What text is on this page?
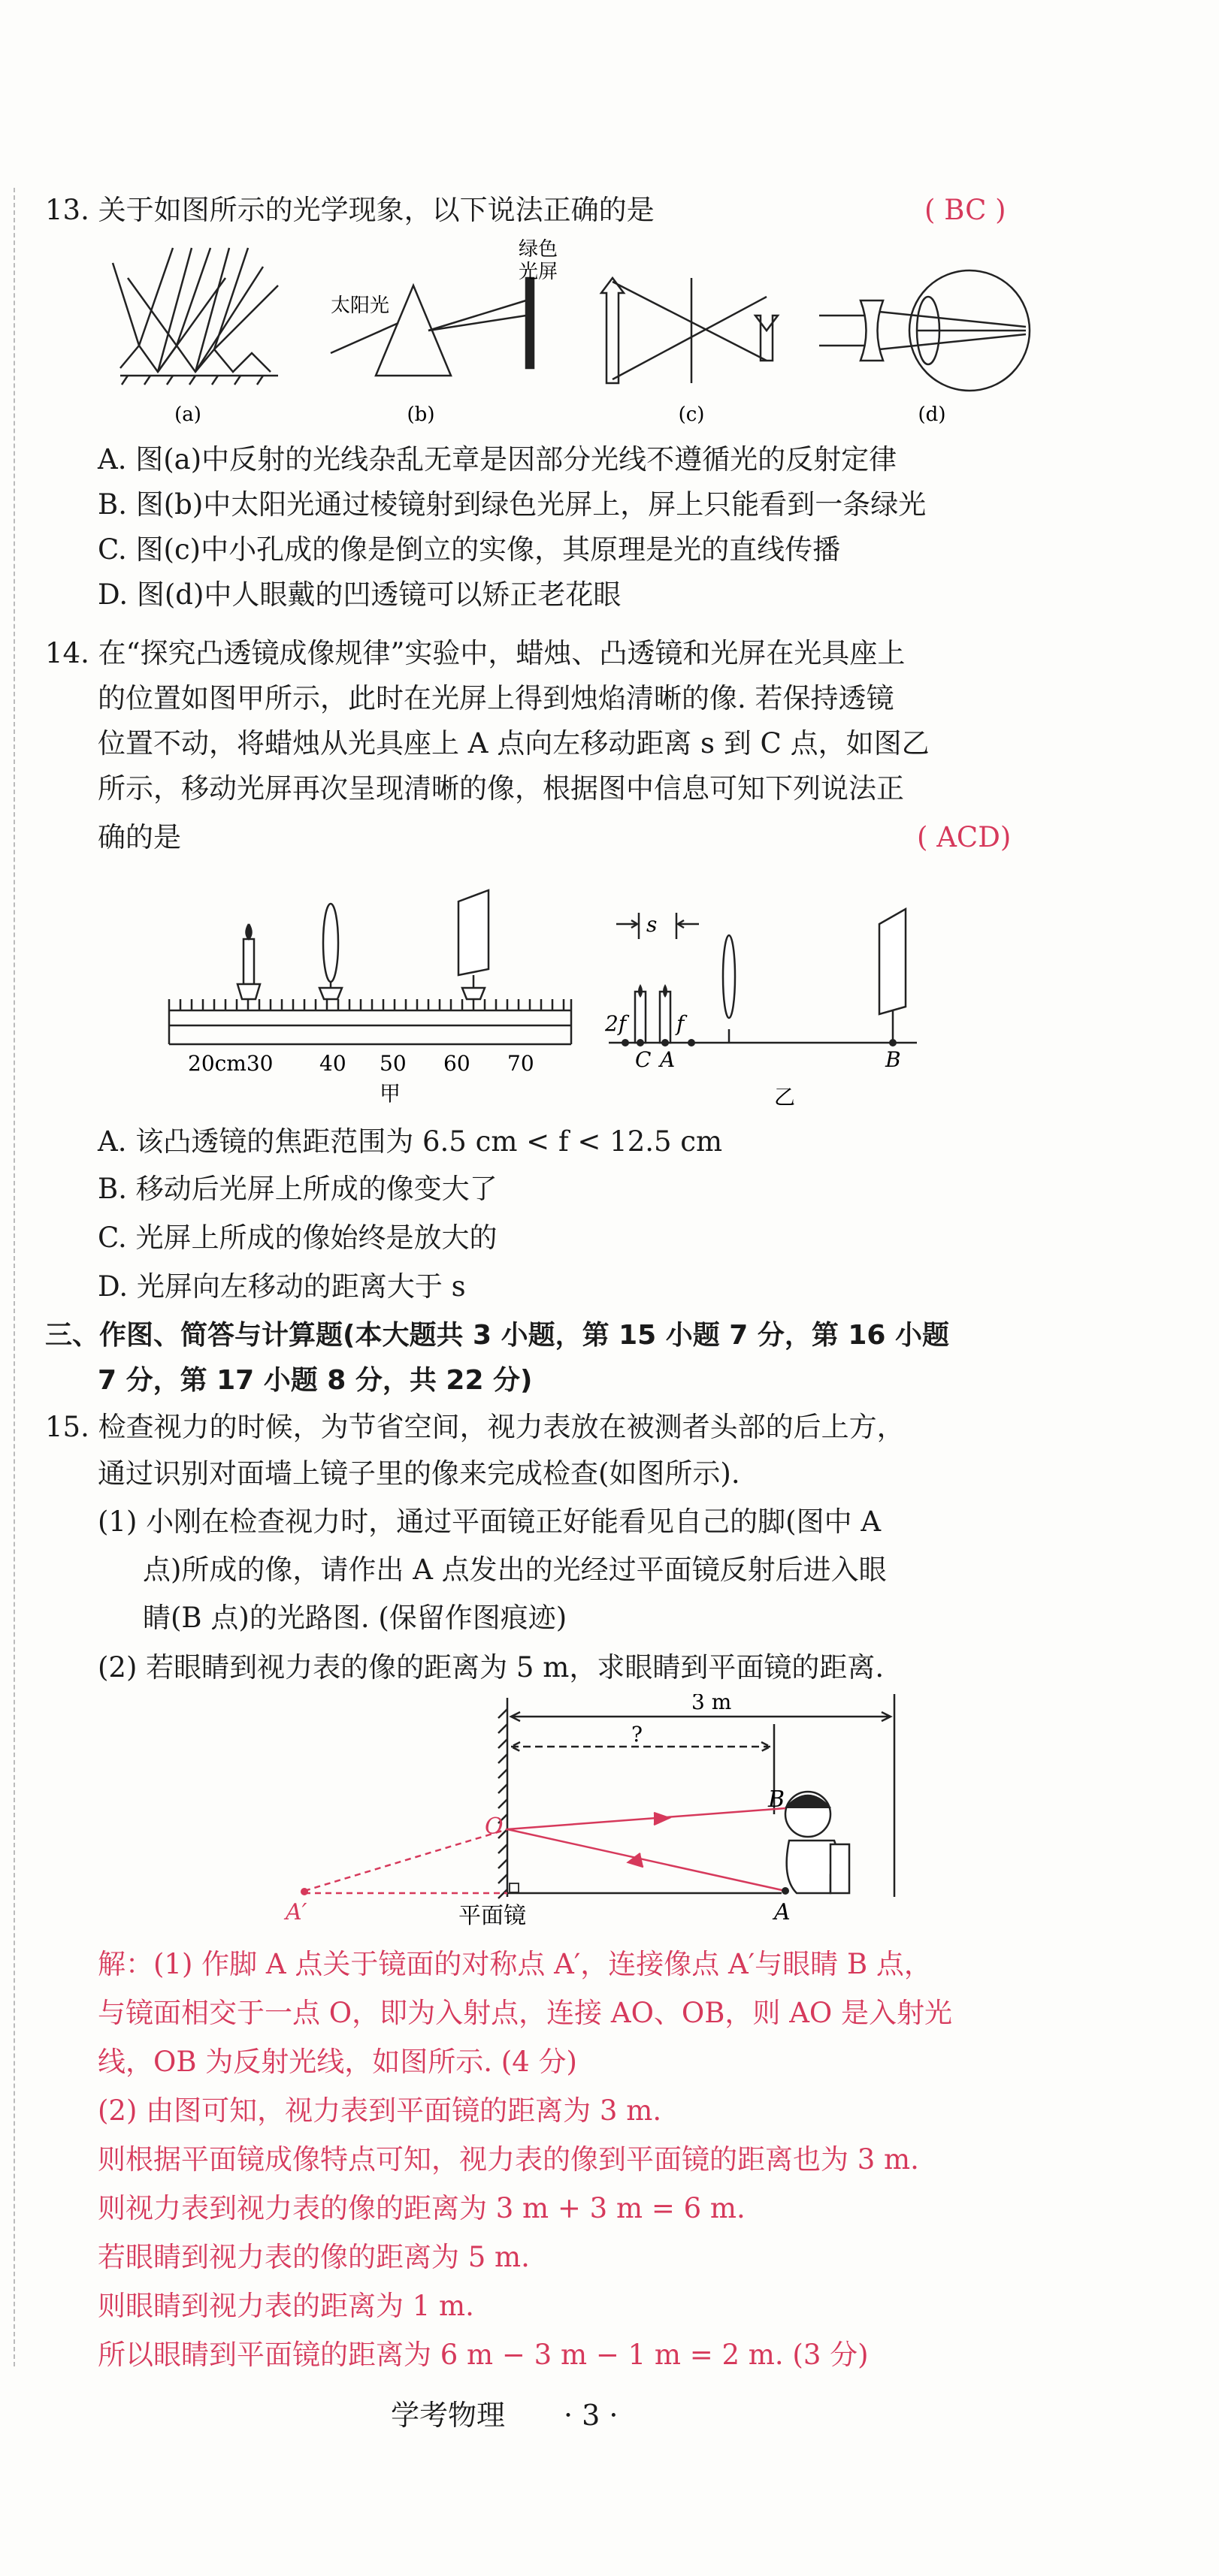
13. 关于如图所示的光学现象，以下说法正确的是	( BC )
(a)
太阳光
绿色
光屏
(b)	(c)	(d)
A. 图(a)中反射的光线杂乱无章是因部分光线不遵循光的反射定律
B. 图(b)中太阳光通过棱镜射到绿色光屏上，屏上只能看到一条绿光
C. 图(c)中小孔成的像是倒立的实像，其原理是光的直线传播
D. 图(d)中人眼戴的凹透镜可以矫正老花眼
14. 在“探究凸透镜成像规律”实验中，蜡烛、凸透镜和光屏在光具座上
的位置如图甲所示，此时在光屏上得到烛焰清晰的像. 若保持透镜
位置不动，将蜡烛从光具座上 A 点向左移动距离 s 到 C 点，如图乙
所示，移动光屏再次呈现清晰的像，根据图中信息可知下列说法正
确的是	( ACD)
20cm30 40 50 60 70
甲
s
2f f
C A	B
乙
A. 该凸透镜的焦距范围为 6.5 cm < f < 12.5 cm
B. 移动后光屏上所成的像变大了
C. 光屏上所成的像始终是放大的
D. 光屏向左移动的距离大于 s
三、作图、简答与计算题(本大题共 3 小题，第 15 小题 7 分，第 16 小题
7 分，第 17 小题 8 分，共 22 分)
15. 检查视力的时候，为节省空间，视力表放在被测者头部的后上方，
通过识别对面墙上镜子里的像来完成检查(如图所示).
(1) 小刚在检查视力时，通过平面镜正好能看见自己的脚(图中 A
点)所成的像，请作出 A 点发出的光经过平面镜反射后进入眼
睛(B 点)的光路图. (保留作图痕迹)
(2) 若眼睛到视力表的像的距离为 5 m，求眼睛到平面镜的距离.
3 m
?
O
B
A
A′	平面镜
解：(1) 作脚 A 点关于镜面的对称点 A′，连接像点 A′与眼睛 B 点，
与镜面相交于一点 O，即为入射点，连接 AO、OB，则 AO 是入射光
线，OB 为反射光线，如图所示. (4 分)
(2) 由图可知，视力表到平面镜的距离为 3 m.
则根据平面镜成像特点可知，视力表的像到平面镜的距离也为 3 m.
则视力表到视力表的像的距离为 3 m + 3 m = 6 m.
若眼睛到视力表的像的距离为 5 m.
则眼睛到视力表的距离为 1 m.
所以眼睛到平面镜的距离为 6 m − 3 m − 1 m = 2 m. (3 分)
学考物理 · 3 ·
